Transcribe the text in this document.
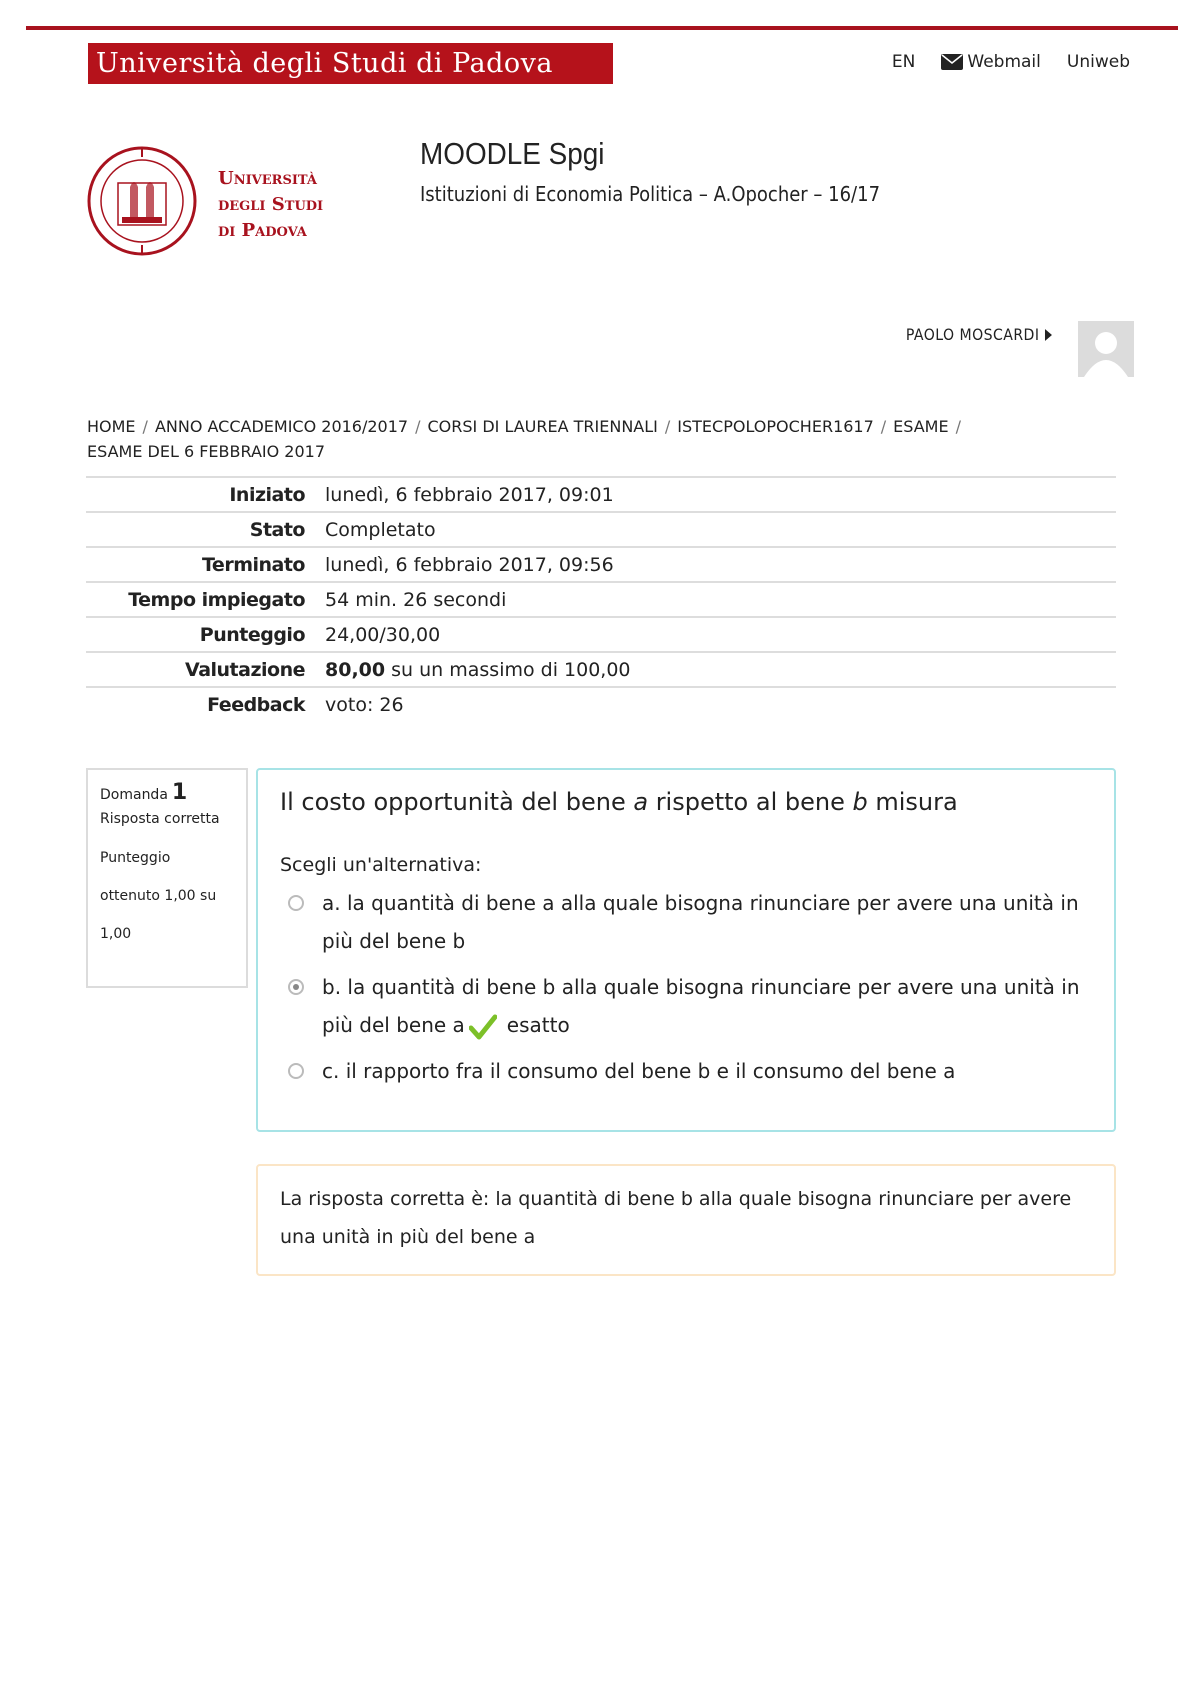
Università degli Studi di Padova	EN	Webmail Uniweb
Università
degli Studi
di Padova
MOODLE Spgi
Istituzioni di Economia Politica – A.Opocher – 16/17
PAOLO MOSCARDI
HOME / ANNO ACCADEMICO 2016/2017 / CORSI DI LAUREA TRIENNALI / ISTECPOLOPOCHER1617 / ESAME /
ESAME DEL 6 FEBBRAIO 2017
Iniziato	lunedì, 6 febbraio 2017, 09:01
Stato	Completato
Terminato	lunedì, 6 febbraio 2017, 09:56
Tempo impiegato	54 min. 26 secondi
Punteggio	24,00/30,00
Valutazione	80,00 su un massimo di 100,00
Feedback	voto: 26
Domanda 1
Risposta corretta
Punteggio
ottenuto 1,00 su
1,00
Il costo opportunità del bene a rispetto al bene b misura
Scegli un'alternativa:
a. la quantità di bene a alla quale bisogna rinunciare per avere una unità in più del bene b
b. la quantità di bene b alla quale bisogna rinunciare per avere una unità in più del bene a esatto
c. il rapporto fra il consumo del bene b e il consumo del bene a
La risposta corretta è: la quantità di bene b alla quale bisogna rinunciare per avere una unità in più del bene a
